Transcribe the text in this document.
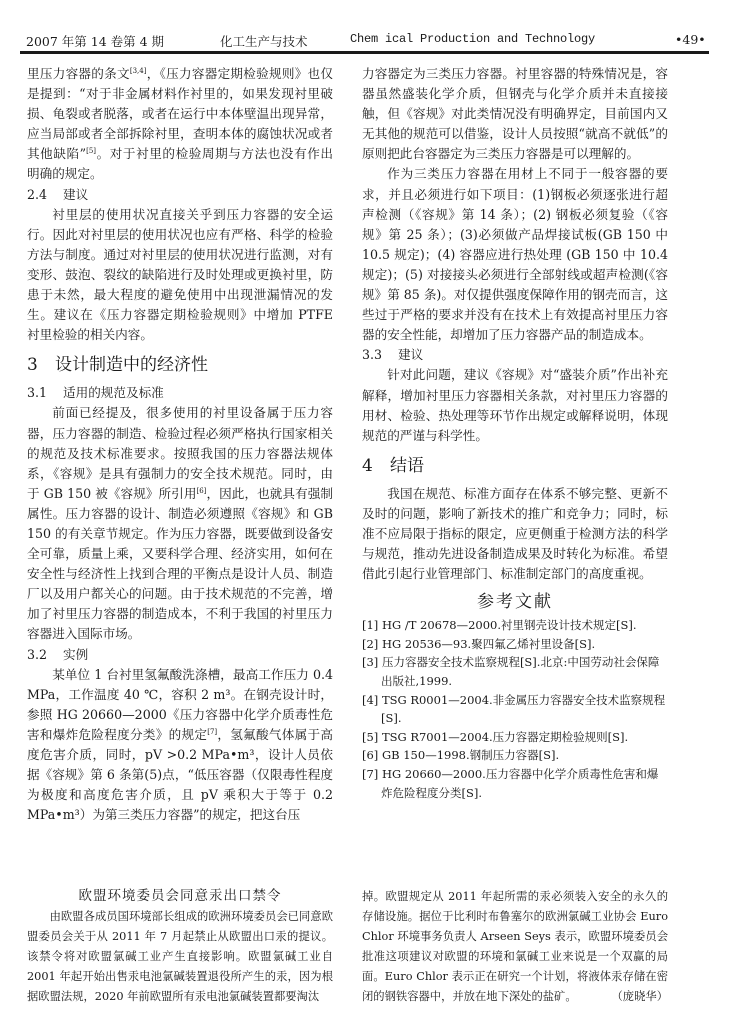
2007 年第 14 卷第 4 期	化工生产与技术	Chem ical Production and Technology	•49•

里压力容器的条文[3,4]，《压力容器定期检验规则》也仅是提到：“对于非金属材料作衬里的，如果发现衬里破损、龟裂或者脱落，或者在运行中本体壁温出现异常，应当局部或者全部拆除衬里，查明本体的腐蚀状况或者其他缺陷”[5]。对于衬里的检验周期与方法也没有作出明确的规定。

2.4 建议

衬里层的使用状况直接关乎到压力容器的安全运行。因此对衬里层的使用状况也应有严格、科学的检验方法与制度。通过对衬里层的使用状况进行监测，对有变形、鼓泡、裂纹的缺陷进行及时处理或更换衬里，防患于未然，最大程度的避免使用中出现泄漏情况的发生。建议在《压力容器定期检验规则》中增加 PTFE 衬里检验的相关内容。

3 设计制造中的经济性

3.1 适用的规范及标准

前面已经提及，很多使用的衬里设备属于压力容器，压力容器的制造、检验过程必须严格执行国家相关的规范及技术标准要求。按照我国的压力容器法规体系，《容规》是具有强制力的安全技术规范。同时，由于 GB 150 被《容规》所引用[6]，因此，也就具有强制属性。压力容器的设计、制造必须遵照《容规》和 GB 150 的有关章节规定。作为压力容器，既要做到设备安全可靠，质量上乘，又要科学合理、经济实用，如何在安全性与经济性上找到合理的平衡点是设计人员、制造厂以及用户都关心的问题。由于技术规范的不完善，增加了衬里压力容器的制造成本，不利于我国的衬里压力容器进入国际市场。

3.2 实例

某单位 1 台衬里氢氟酸洗涤槽，最高工作压力 0.4 MPa，工作温度 40 ℃，容积 2 m³。在钢壳设计时，参照 HG 20660—2000《压力容器中化学介质毒性危害和爆炸危险程度分类》的规定[7]，氢氟酸气体属于高度危害介质，同时，pV >0.2 MPa•m³，设计人员依据《容规》第 6 条第(5)点，“低压容器（仅限毒性程度为极度和高度危害介质，且 pV 乘积大于等于 0.2 MPa•m³）为第三类压力容器”的规定，把这台压

力容器定为三类压力容器。衬里容器的特殊情况是，容器虽然盛装化学介质，但钢壳与化学介质并未直接接触，但《容规》对此类情况没有明确界定，目前国内又无其他的规范可以借鉴，设计人员按照“就高不就低”的原则把此台容器定为三类压力容器是可以理解的。

作为三类压力容器在用材上不同于一般容器的要求，并且必须进行如下项目：(1)钢板必须逐张进行超声检测（《容规》第 14 条）；(2) 钢板必须复验（《容规》第 25 条）；(3)必须做产品焊接试板(GB 150 中 10.5 规定)；(4) 容器应进行热处理 (GB 150 中 10.4 规定)；(5) 对接接头必须进行全部射线或超声检测(《容规》第 85 条)。对仅提供强度保障作用的钢壳而言，这些过于严格的要求并没有在技术上有效提高衬里压力容器的安全性能，却增加了压力容器产品的制造成本。

3.3 建议

针对此问题，建议《容规》对“盛装介质”作出补充解释，增加衬里压力容器相关条款，对衬里压力容器的用材、检验、热处理等环节作出规定或解释说明，体现规范的严谨与科学性。

4 结语

我国在规范、标准方面存在体系不够完整、更新不及时的问题，影响了新技术的推广和竞争力；同时，标准不应局限于指标的限定，应更侧重于检测方法的科学与规范，推动先进设备制造成果及时转化为标准。希望借此引起行业管理部门、标准制定部门的高度重视。

参考文献

[1] HG /T 20678—2000.衬里钢壳设计技术规定[S].

[2] HG 20536—93.聚四氟乙烯衬里设备[S].

[3] 压力容器安全技术监察规程[S].北京:中国劳动社会保障出版社,1999.

[4] TSG R0001—2004.非金属压力容器安全技术监察规程[S].

[5] TSG R7001—2004.压力容器定期检验规则[S].

[6] GB 150—1998.钢制压力容器[S].

[7] HG 20660—2000.压力容器中化学介质毒性危害和爆炸危险程度分类[S].

欧盟环境委员会同意汞出口禁令

由欧盟各成员国环境部长组成的欧洲环境委员会已同意欧盟委员会关于从 2011 年 7 月起禁止从欧盟出口汞的提议。该禁令将对欧盟氯碱工业产生直接影响。欧盟氯碱工业自 2001 年起开始出售汞电池氯碱装置退役所产生的汞，因为根据欧盟法规，2020 年前欧盟所有汞电池氯碱装置都要淘汰

掉。欧盟规定从 2011 年起所需的汞必须装入安全的永久的存储设施。据位于比利时布鲁塞尔的欧洲氯碱工业协会 Euro Chlor 环境事务负责人 Arseen Seys 表示，欧盟环境委员会批准这项建议对欧盟的环境和氯碱工业来说是一个双赢的局面。Euro Chlor 表示正在研究一个计划，将液体汞存储在密闭的钢铁容器中，并放在地下深处的盐矿。	（庞晓华）
